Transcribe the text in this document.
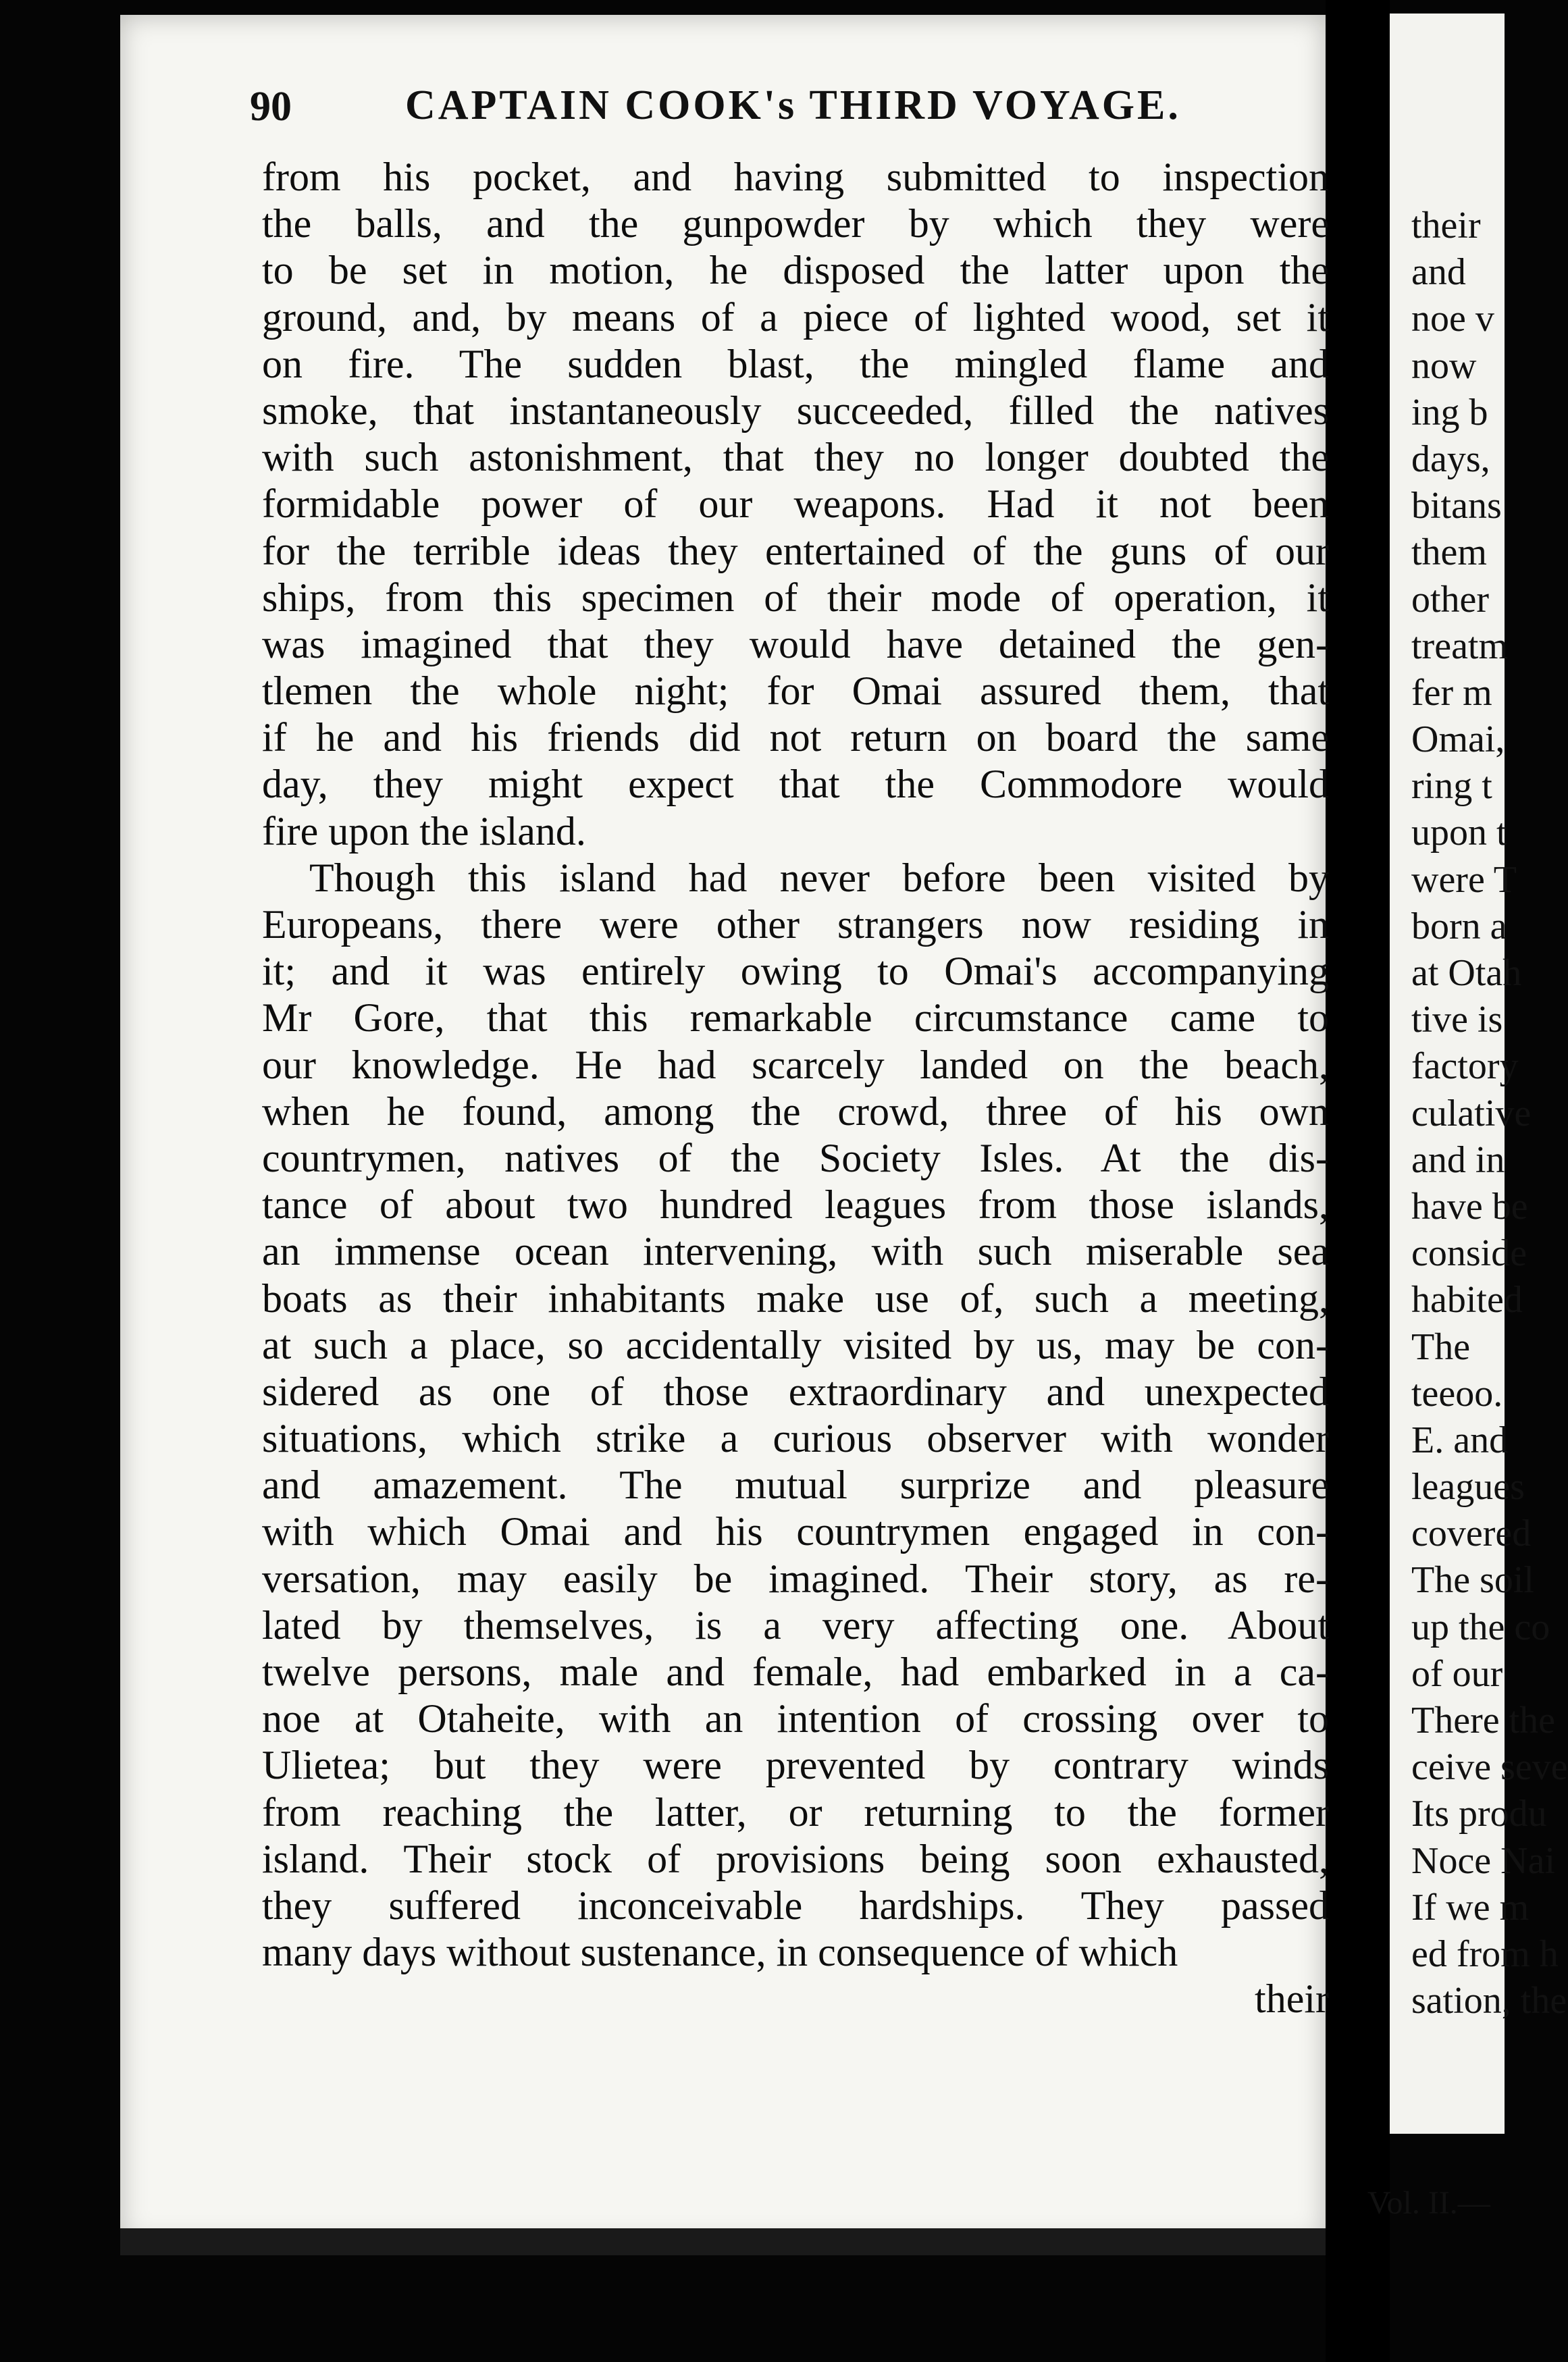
90	CAPTAIN COOK's THIRD VOYAGE.
from his pocket, and having submitted to inspection
the balls, and the gunpowder by which they were
to be set in motion, he disposed the latter upon the
ground, and, by means of a piece of lighted wood, set it
on fire. The sudden blast, the mingled flame and
smoke, that instantaneously succeeded, filled the natives
with such astonishment, that they no longer doubted the
formidable power of our weapons. Had it not been
for the terrible ideas they entertained of the guns of our
ships, from this specimen of their mode of operation, it
was imagined that they would have detained the gen-
tlemen the whole night; for Omai assured them, that
if he and his friends did not return on board the same
day, they might expect that the Commodore would
fire upon the island.
Though this island had never before been visited by
Europeans, there were other strangers now residing in
it; and it was entirely owing to Omai's accompanying
Mr Gore, that this remarkable circumstance came to
our knowledge. He had scarcely landed on the beach,
when he found, among the crowd, three of his own
countrymen, natives of the Society Isles. At the dis-
tance of about two hundred leagues from those islands,
an immense ocean intervening, with such miserable sea
boats as their inhabitants make use of, such a meeting,
at such a place, so accidentally visited by us, may be con-
sidered as one of those extraordinary and unexpected
situations, which strike a curious observer with wonder
and amazement. The mutual surprize and pleasure
with which Omai and his countrymen engaged in con-
versation, may easily be imagined. Their story, as re-
lated by themselves, is a very affecting one. About
twelve persons, male and female, had embarked in a ca-
noe at Otaheite, with an intention of crossing over to
Ulietea; but they were prevented by contrary winds
from reaching the latter, or returning to the former
island. Their stock of provisions being soon exhausted,
they suffered inconceivable hardships. They passed
many days without sustenance, in consequence of which
their
their
and
noe v
now
ing b
days,
bitans
them
other
treatm
fer m
Omai,
ring t
upon t
were T
born a
at Otah
tive is
factory
culative
and in
have be
conside
habited
The
teeoo.
E. and
leagues
covered
The soil
up the co
of our
There the
ceive seve
Its produ
Noce Nai
If we m
ed from h
sation, the
Vol. II.—
